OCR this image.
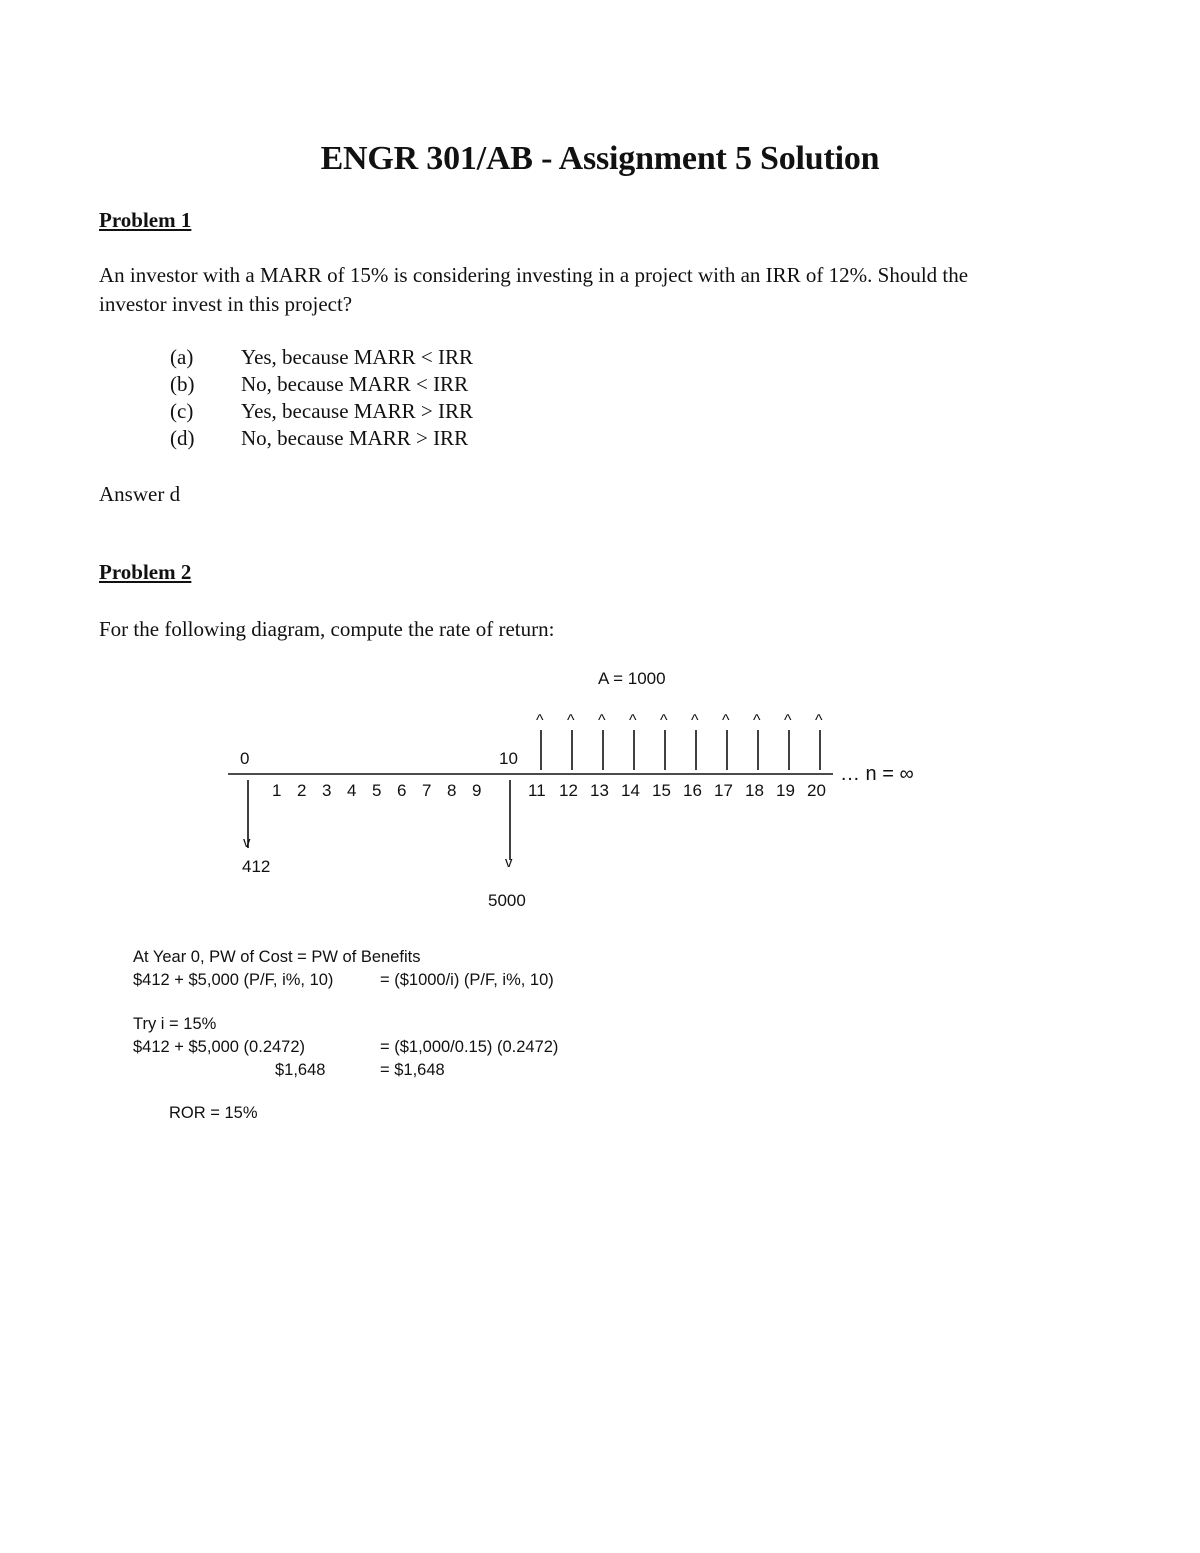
ENGR 301/AB - Assignment 5 Solution
Problem 1
An investor with a MARR of 15% is considering investing in a project with an IRR of 12%. Should the
investor invest in this project?
(a) Yes, because MARR < IRR
(b) No, because MARR < IRR
(c) Yes, because MARR > IRR
(d) No, because MARR > IRR
Answer d
Problem 2
For the following diagram, compute the rate of return:
A = 1000
^ ^ ^ ^ ^ ^ ^ ^ ^ ^
0	10
1 2 3 4 5 6 7 8 9	11 12 13 14 15 16 17 18 19 20
… n = ∞
v
v
412
5000
At Year 0, PW of Cost = PW of Benefits
$412 + $5,000 (P/F, i%, 10)	= ($1000/i) (P/F, i%, 10)
Try i = 15%
$412 + $5,000 (0.2472)	= ($1,000/0.15) (0.2472)
$1,648	= $1,648
ROR = 15%
